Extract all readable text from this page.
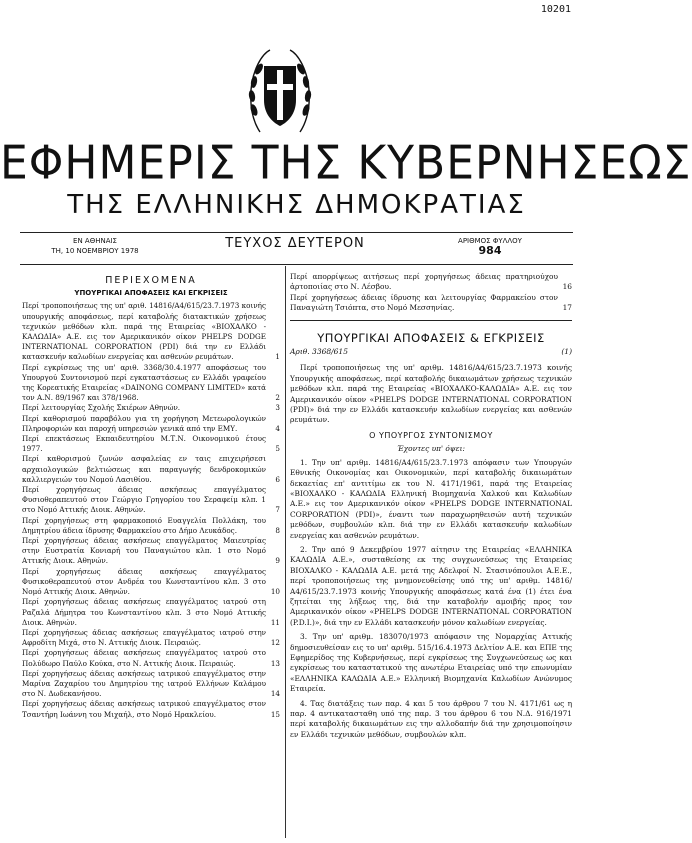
10201
ΕΦΗΜΕΡΙΣ ΤΗΣ ΚΥΒΕΡΝΗΣΕΩΣ
ΤΗΣ ΕΛΛΗΝΙΚΗΣ ΔΗΜΟΚΡΑΤΙΑΣ
ΕΝ ΑΘΗΝΑΙΣ
ΤΗ, 10 ΝΟΕΜΒΡΙΟΥ 1978	ΤΕΥΧΟΣ ΔΕΥΤΕΡΟΝ	ΑΡΙΘΜΟΣ ΦΥΛΛΟΥ
984
ΠΕΡΙΕΧΟΜΕΝΑ
ΥΠΟΥΡΓΙΚΑΙ ΑΠΟΦΑΣΕΙΣ ΚΑΙ ΕΓΚΡΙΣΕΙΣ
Περί τροποποιήσεως της υπ' αριθ. 14816/Α4/615/23.7.1973 κοινής υπουργικής αποφάσεως, περί καταβολής διατακτικών χρήσεως τεχνικών μεθόδων κλπ. παρά της Εταιρείας «ΒΙΟΧΑΛΚΟ - ΚΑΛΩΔΙΑ» Α.Ε. εις τον Αμερικανικόν οίκον PHELPS DODGE INTERNATIONAL CORPORATION (PDI) διά την εν Ελλάδι κατασκευήν καλωδίων ενεργείας και ασθενών ρευμάτων.	1
Περί εγκρίσεως της υπ' αριθ. 3368/30.4.1977 αποφάσεως του Υπουργού Συντονισμού περί εγκαταστάσεως εν Ελλάδι γραφείου της Κορεατικής Εταιρείας «DAINONG COMPANY LIMITED» κατά τον Α.Ν. 89/1967 και 378/1968.	2
Περί λειτουργίας Σχολής Σκιέρων Αθηνών.	3
Περί καθορισμού παραβόλου για τη χορήγηση Μετεωρολογικών Πληροφοριών και παροχή υπηρεσιών γενικά από την ΕΜΥ.	4
Περί επεκτάσεως Εκπαιδευτηρίου Μ.Τ.Ν. Οικονομικού έτους 1977.	5
Περί καθορισμού ζωνών ασφαλείας εν ταις επιχειρήσεσι αρχαιολογικών βελτιώσεως και παραγωγής δενδροκομικών καλλιεργειών του Νομού Λασιθίου.	6
Περί χορηγήσεως άδειας ασκήσεως επαγγέλματος Φυσιοθεραπευτού στον Γεώργιο Γρηγορίου του Σεραφείμ κλπ. 1 στο Νομό Αττικής Διοικ. Αθηνών.	7
Περί χορηγήσεως στη φαρμακοποιό Ευαγγελία Πολλάκη, του Δημητρίου άδεια ίδρυσης Φαρμακείου στο Δήμο Λευκάδος.	8
Περί χορηγήσεως άδειας ασκήσεως επαγγέλματος Μαιευτρίας στην Ευστρατία Κονιαρή του Παναγιώτου κλπ. 1 στο Νομό Αττικής Διοικ. Αθηνών.	9
Περί χορηγήσεως άδειας ασκήσεως επαγγέλματος Φυσικοθεραπευτού στον Ανδρέα του Κωνσταντίνου κλπ. 3 στο Νομό Αττικής Διοικ. Αθηνών.	10
Περί χορηγήσεως άδειας ασκήσεως επαγγέλματος ιατρού στη Ραζαλά Δήμητρα του Κωνσταντίνου κλπ. 3 στο Νομό Αττικής Διοικ. Αθηνών.	11
Περί χορηγήσεως άδειας ασκήσεως επαγγέλματος ιατρού στην Αφροδίτη Μιχά, στο Ν. Αττικής Διοικ. Πειραιώς.	12
Περί χορηγήσεως άδειας ασκήσεως επαγγέλματος ιατρού στο Πολύδωρο Παύλο Κούκα, στο Ν. Αττικής Διοικ. Πειραιώς.	13
Περί χορηγήσεως άδειας ασκήσεως ιατρικού επαγγέλματος στην Μαρίνα Ζαχαρίου του Δημητρίου της ιατρού Ελλήνων Καλάμου στο Ν. Δωδεκανήσου.	14
Περί χορηγήσεως άδειας ασκήσεως ιατρικού επαγγέλματος στον Τσαντήρη Ιωάννη του Μιχαήλ, στο Νομό Ηρακλείου.	15
Περί απορρίψεως αιτήσεως περί χορηγήσεως άδειας πρατηριούχου ἀρτοποιίας στο Ν. Λέσβου.	16
Περί χορηγήσεως άδειας ίδρυσης και λειτουργίας Φαρμακείου στον Παναγιώτη Τσιόπτα, στο Νομό Μεσσηνίας.	17
ΥΠΟΥΡΓΙΚΑΙ ΑΠΟΦΑΣΕΙΣ & ΕΓΚΡΙΣΕΙΣ
Αριθ. 3368/615	(1)

Περί τροποποιήσεως της υπ' αριθμ. 14816/Α4/615/23.7.1973 κοινής Υπουργικής αποφάσεως, περί καταβολής δικαιωμάτων χρήσεως τεχνικών μεθόδων κλπ. παρά της Εταιρείας «ΒΙΟΧΑΛΚΟ-ΚΑΛΩΔΙΑ» Α.Ε. εις τον Αμερικανικόν οίκον «PHELPS DODGE INTERNATIONAL CORPORATION (PDI)» διά την εν Ελλάδι κατασκευήν καλωδίων ενεργείας και ασθενών ρευμάτων.

Ο ΥΠΟΥΡΓΟΣ ΣΥΝΤΟΝΙΣΜΟΥ
Έχοντες υπ' όψει:

1. Την υπ' αριθμ. 14816/Α4/615/23.7.1973 απόφασιν των Υπουργών Εθνικής Οικονομίας και Οικονομικών, περί καταβολής δικαιωμάτων δεκαετίας επ' αντιτίμω εκ του Ν. 4171/1961, παρά της Εταιρείας «ΒΙΟΧΑΛΚΟ - ΚΑΛΩΔΙΑ Ελληνική Βιομηχανία Χαλκού και Καλωδίων Α.Ε.» εις τον Αμερικανικόν οίκον «PHELPS DODGE INTERNATIONAL CORPORATION (PDI)», έναντι των παραχωρηθεισών αυτή τεχνικών μεθόδων, συμβουλών κλπ. διά την εν Ελλάδι κατασκευήν καλωδίων ενεργείας και ασθενών ρευμάτων.

2. Την από 9 Δεκεμβρίου 1977 αίτησιν της Εταιρείας «ΕΛΛΗΝΙΚΑ ΚΑΛΩΔΙΑ Α.Ε.», συσταθείσης εκ της συγχωνεύσεως της Εταιρείας ΒΙΟΧΑΛΚΟ - ΚΑΛΩΔΙΑ Α.Ε. μετά της Αδελφοί Ν. Στασινόπουλοι Α.Ε.Ε., περί τροποποιήσεως της μνημονευθείσης υπό της υπ' αριθμ. 14816/Α4/615/23.7.1973 κοινής Υπουργικής αποφάσεως κατά ένα (1) έτει ένα ζητείται της λήξεως της, διά την καταβολήν αμοιβής προς τον Αμερικανικόν οίκον «PHELPS DODGE INTERNATIONAL CORPORATION (P.D.I.)», διά την εν Ελλάδι κατασκευήν μόνον καλωδίων ενεργείας.

3. Την υπ' αριθμ. 183070/1973 απόφασιν της Νομαρχίας Αττικής δημοσιευθείσαν εις το υπ' αριθμ. 515/16.4.1973 Δελτίον Α.Ε. και ΕΠΕ της Εφημερίδος της Κυβερνήσεως, περί εγκρίσεως της Συγχωνεύσεως ως και εγκρίσεως του καταστατικού της ανωτέρω Εταιρείας υπό την επωνυμίαν «ΕΛΛΗΝΙΚΑ ΚΑΛΩΔΙΑ Α.Ε.» Ελληνική Βιομηχανία Καλωδίων Ανώνυμος Εταιρεία.

4. Τας διατάξεις των παρ. 4 και 5 του άρθρου 7 του Ν. 4171/61 ως η παρ. 4 αντικατασταθη υπό της παρ. 3 του άρθρου 6 του Ν.Δ. 916/1971 περί καταβολής δικαιωμάτων εις την αλλοδαπήν διά την χρησιμοποίησιν εν Ελλάδι τεχνικών μεθόδων, συμβουλών κλπ.
